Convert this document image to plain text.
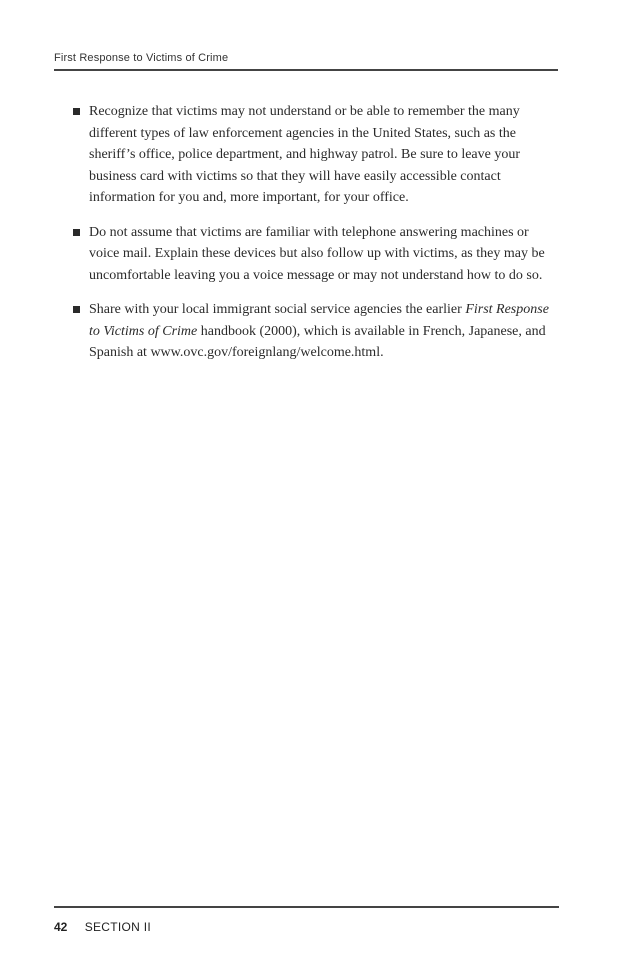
First Response to Victims of Crime
Recognize that victims may not understand or be able to remember the many different types of law enforcement agencies in the United States, such as the sheriff’s office, police department, and highway patrol. Be sure to leave your business card with victims so that they will have easily accessible contact information for you and, more important, for your office.
Do not assume that victims are familiar with telephone answering machines or voice mail. Explain these devices but also follow up with victims, as they may be uncomfortable leaving you a voice message or may not understand how to do so.
Share with your local immigrant social service agencies the earlier First Response to Victims of Crime handbook (2000), which is available in French, Japanese, and Spanish at www.ovc.gov/foreignlang/welcome.html.
42 SECTION II
